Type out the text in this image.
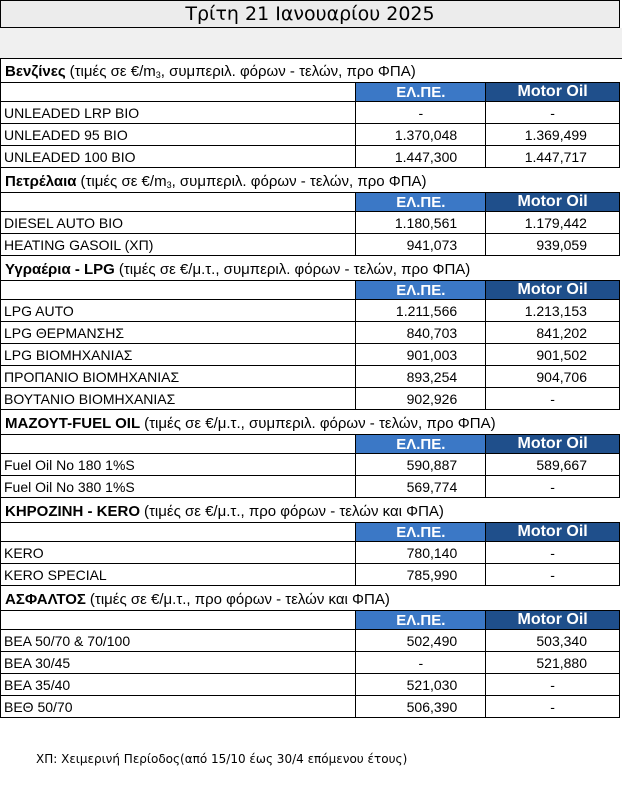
Τρίτη 21 Ιανουαρίου 2025
Βενζίνες (τιμές σε $€/m_3$ , συμπεριλ. φόρων - τελών, προ ΦΠΑ)
ΕΛ.ΠΕ.	Motor Oil
UNLEADED LRP BIO	-	-
UNLEADED 95 BIO	1.370,048	1.369,499
UNLEADED 100 BIO	1.447,300	1.447,717
Πετρέλαια (τιμές σε $€/m_3$ , συμπεριλ. φόρων - τελών, προ ΦΠΑ)
ΕΛ.ΠΕ.	Motor Oil
DIESEL AUTO BIO	1.180,561	1.179,442
HEATING GASOIL (ΧΠ)	941,073	939,059
Υγραέρια - LPG (τιμές σε €/μ.τ., συμπεριλ. φόρων - τελών, προ ΦΠΑ)
ΕΛ.ΠΕ.	Motor Oil
LPG AUTO	1.211,566	1.213,153
LPG ΘΕΡΜΑΝΣΗΣ	840,703	841,202
LPG ΒΙΟΜΗΧΑΝΙΑΣ	901,003	901,502
ΠΡΟΠΑΝΙΟ ΒΙΟΜΗΧΑΝΙΑΣ	893,254	904,706
ΒΟΥΤΑΝΙΟ ΒΙΟΜΗΧΑΝΙΑΣ	902,926	-
ΜΑΖΟΥΤ-FUEL OIL (τιμές σε €/μ.τ., συμπεριλ. φόρων - τελών, προ ΦΠΑ)
ΕΛ.ΠΕ.	Motor Oil
Fuel Oil No 180 1%S	590,887	589,667
Fuel Oil No 380 1%S	569,774	-
ΚΗΡΟΖΙΝΗ - KERO (τιμές σε €/μ.τ., προ φόρων - τελών και ΦΠΑ)
ΕΛ.ΠΕ.	Motor Oil
KERO	780,140	-
KERO SPECIAL	785,990	-
ΑΣΦΑΛΤΟΣ (τιμές σε €/μ.τ., προ φόρων - τελών και ΦΠΑ)
ΕΛ.ΠΕ.	Motor Oil
ΒΕΑ 50/70 & 70/100	502,490	503,340
ΒΕΑ 30/45	-	521,880
ΒΕΑ 35/40	521,030	-
ΒΕΘ 50/70	506,390	-
ΧΠ: Χειμερινή Περίοδος(από 15/10 έως 30/4 επόμενου έτους)
